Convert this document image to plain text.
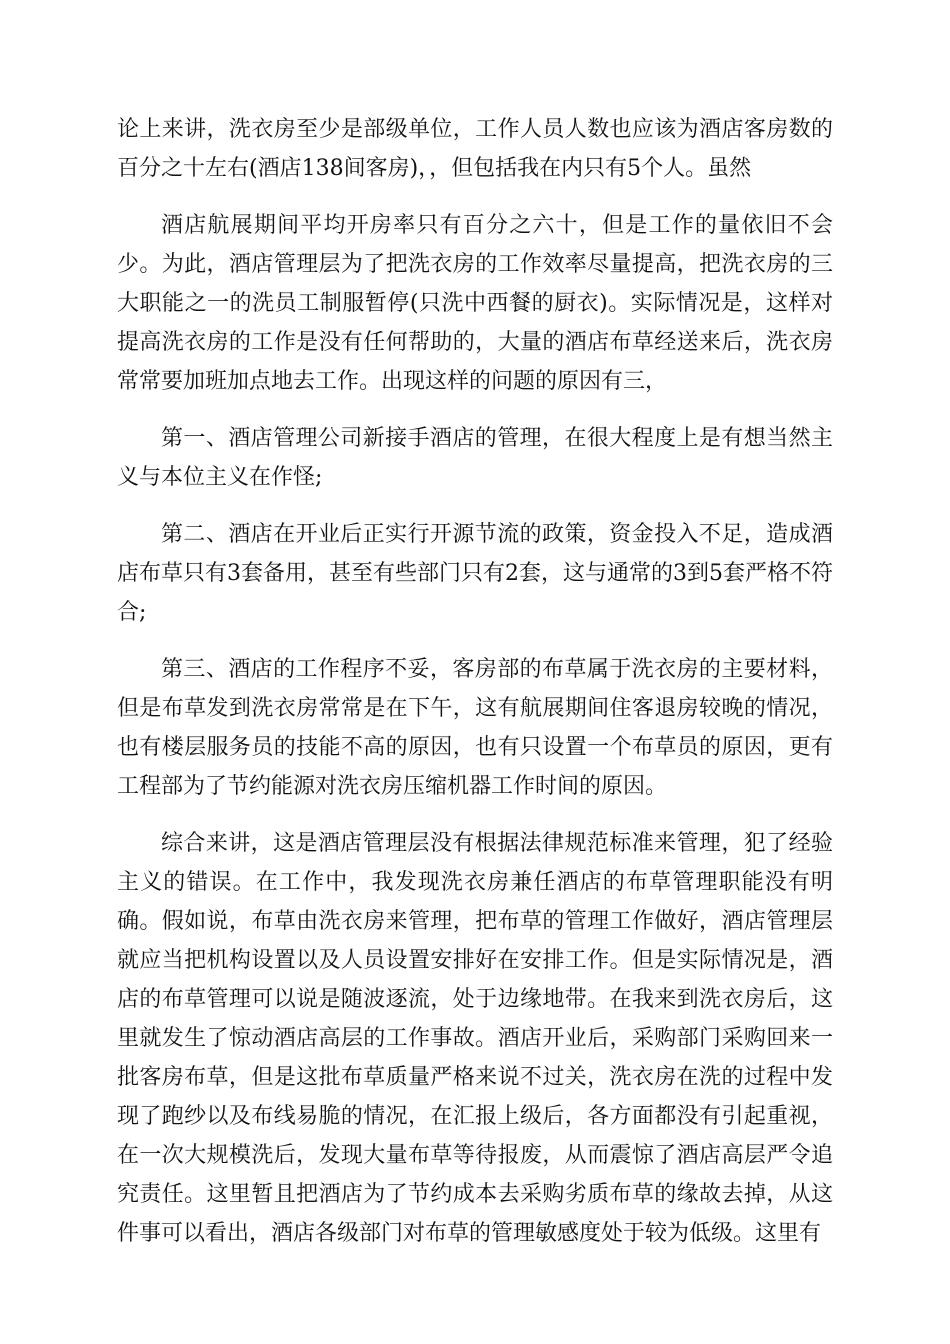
论上来讲，洗衣房至少是部级单位，工作人员人数也应该为酒店客房数的百分之十左右(酒店138间客房)，，但包括我在内只有5个人。虽然

酒店航展期间平均开房率只有百分之六十，但是工作的量依旧不会少。为此，酒店管理层为了把洗衣房的工作效率尽量提高，把洗衣房的三大职能之一的洗员工制服暂停(只洗中西餐的厨衣)。实际情况是，这样对提高洗衣房的工作是没有任何帮助的，大量的酒店布草经送来后，洗衣房常常要加班加点地去工作。出现这样的问题的原因有三，

第一、酒店管理公司新接手酒店的管理，在很大程度上是有想当然主义与本位主义在作怪;

第二、酒店在开业后正实行开源节流的政策，资金投入不足，造成酒店布草只有3套备用，甚至有些部门只有2套，这与通常的3到5套严格不符合;

第三、酒店的工作程序不妥，客房部的布草属于洗衣房的主要材料，但是布草发到洗衣房常常是在下午，这有航展期间住客退房较晚的情况，也有楼层服务员的技能不高的原因，也有只设置一个布草员的原因，更有工程部为了节约能源对洗衣房压缩机器工作时间的原因。

综合来讲，这是酒店管理层没有根据法律规范标准来管理，犯了经验主义的错误。在工作中，我发现洗衣房兼任酒店的布草管理职能没有明确。假如说，布草由洗衣房来管理，把布草的管理工作做好，酒店管理层就应当把机构设置以及人员设置安排好在安排工作。但是实际情况是，酒店的布草管理可以说是随波逐流，处于边缘地带。在我来到洗衣房后，这里就发生了惊动酒店高层的工作事故。酒店开业后，采购部门采购回来一批客房布草，但是这批布草质量严格来说不过关，洗衣房在洗的过程中发现了跑纱以及布线易脆的情况，在汇报上级后，各方面都没有引起重视，在一次大规模洗后，发现大量布草等待报废，从而震惊了酒店高层严令追究责任。这里暂且把酒店为了节约成本去采购劣质布草的缘故去掉，从这件事可以看出，酒店各级部门对布草的管理敏感度处于较为低级。这里有
